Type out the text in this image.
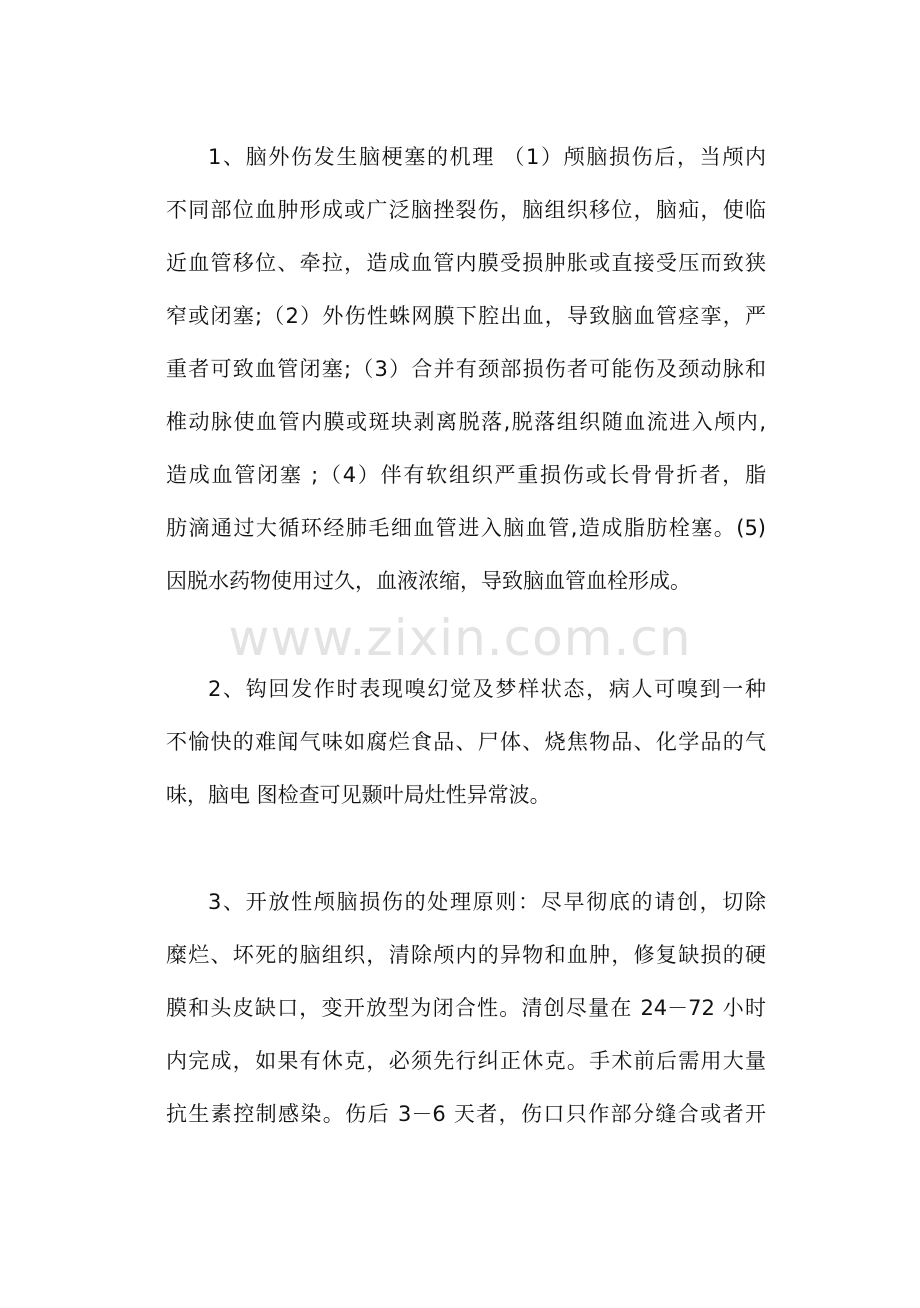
www.zixin.com.cn
1、脑外伤发生脑梗塞的机理 （1）颅脑损伤后，当颅内
不同部位血肿形成或广泛脑挫裂伤，脑组织移位，脑疝，使临
近血管移位、牵拉，造成血管内膜受损肿胀或直接受压而致狭
窄或闭塞;（2）外伤性蛛网膜下腔出血，导致脑血管痉挛，严
重者可致血管闭塞;（3）合并有颈部损伤者可能伤及颈动脉和
椎动脉使血管内膜或斑块剥离脱落,脱落组织随血流进入颅内,
造成血管闭塞 ;（4）伴有软组织严重损伤或长骨骨折者，脂
肪滴通过大循环经肺毛细血管进入脑血管,造成脂肪栓塞。(5)
因脱水药物使用过久，血液浓缩，导致脑血管血栓形成。
2、钩回发作时表现嗅幻觉及梦样状态，病人可嗅到一种
不愉快的难闻气味如腐烂食品、尸体、烧焦物品、化学品的气
味，脑电 图检查可见颞叶局灶性异常波。
3、开放性颅脑损伤的处理原则：尽早彻底的请创，切除
糜烂、坏死的脑组织，清除颅内的异物和血肿，修复缺损的硬
膜和头皮缺口，变开放型为闭合性。清创尽量在 24－72 小时
内完成，如果有休克，必须先行纠正休克。手术前后需用大量
抗生素控制感染。伤后 3－6 天者，伤口只作部分缝合或者开
